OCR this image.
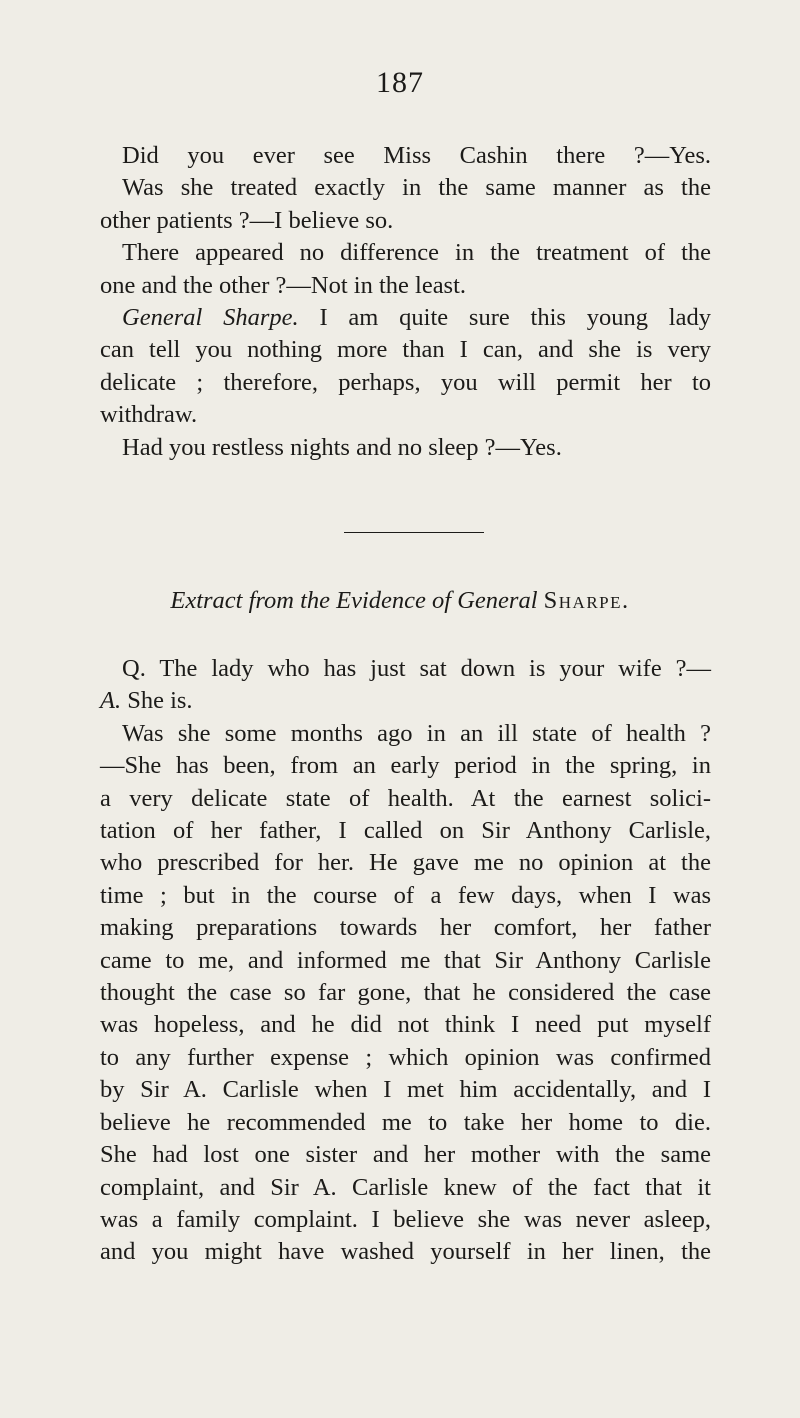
187
Did you ever see Miss Cashin there ?—Yes.
Was she treated exactly in the same manner as the
other patients ?—I believe so.
There appeared no difference in the treatment of the
one and the other ?—Not in the least.
General Sharpe. I am quite sure this young lady
can tell you nothing more than I can, and she is very
delicate ; therefore, perhaps, you will permit her to
withdraw.
Had you restless nights and no sleep ?—Yes.
Extract from the Evidence of General Sharpe.
Q. The lady who has just sat down is your wife ?—
A. She is.
Was she some months ago in an ill state of health ?
—She has been, from an early period in the spring, in
a very delicate state of health. At the earnest solici-
tation of her father, I called on Sir Anthony Carlisle,
who prescribed for her. He gave me no opinion at the
time ; but in the course of a few days, when I was
making preparations towards her comfort, her father
came to me, and informed me that Sir Anthony Carlisle
thought the case so far gone, that he considered the case
was hopeless, and he did not think I need put myself
to any further expense ; which opinion was confirmed
by Sir A. Carlisle when I met him accidentally, and I
believe he recommended me to take her home to die.
She had lost one sister and her mother with the same
complaint, and Sir A. Carlisle knew of the fact that it
was a family complaint. I believe she was never asleep,
and you might have washed yourself in her linen, the
